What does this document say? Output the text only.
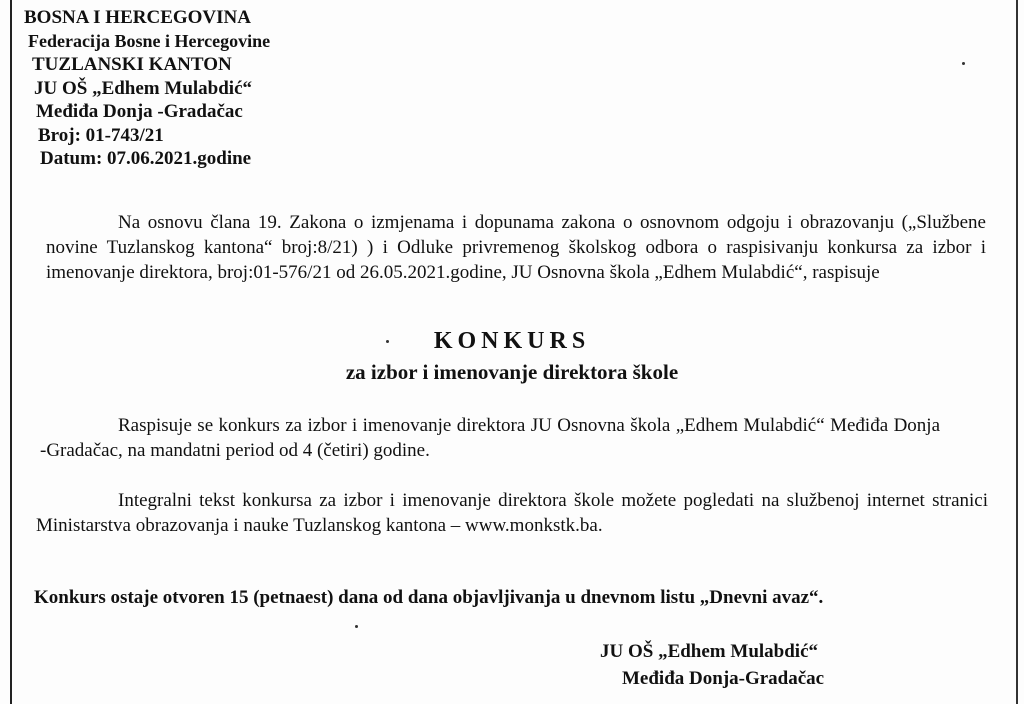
BOSNA I HERCEGOVINA
Federacija Bosne i Hercegovine
TUZLANSKI KANTON
JU OŠ „Edhem Mulabdić“
Međiđa Donja -Gradačac
Broj: 01-743/21
Datum: 07.06.2021.godine
Na osnovu člana 19. Zakona o izmjenama i dopunama zakona o osnovnom odgoju i obrazovanju („Službene novine Tuzlanskog kantona“ broj:8/21) ) i Odluke privremenog školskog odbora o raspisivanju konkursa za izbor i imenovanje direktora, broj:01-576/21 od 26.05.2021.godine, JU Osnovna škola „Edhem Mulabdić“, raspisuje
KONKURS
za izbor i imenovanje direktora škole
Raspisuje se konkurs za izbor i imenovanje direktora JU Osnovna škola „Edhem Mulabdić“ Međiđa Donja -Gradačac, na mandatni period od 4 (četiri) godine.
Integralni tekst konkursa za izbor i imenovanje direktora škole možete pogledati na službenoj internet stranici Ministarstva obrazovanja i nauke Tuzlanskog kantona – www.monkstk.ba.
Konkurs ostaje otvoren 15 (petnaest) dana od dana objavljivanja u dnevnom listu „Dnevni avaz“.
JU OŠ „Edhem Mulabdić“
Međiđa Donja-Gradačac
